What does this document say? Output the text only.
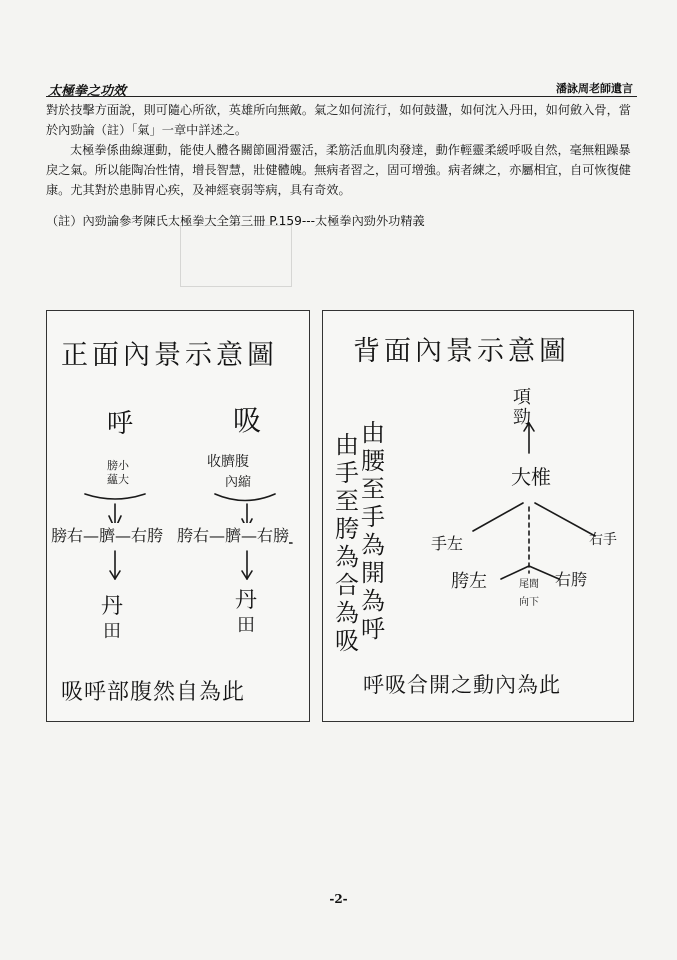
​
太極拳之功效	潘詠周老師遺言

對於技擊方面說，則可隨心所欲，英雄所向無敵。氣之如何流行，如何鼓盪，如何沈入丹田，如何斂入骨，當於內勁論（註）「氣」一章中詳述之。

太極拳係曲線運動，能使人體各關節圓滑靈活，柔筋活血肌肉發達，動作輕靈柔緩呼吸自然，毫無粗躁暴戾之氣。所以能陶冶性情，增長智慧，壯健體魄。無病者習之，固可增強。病者練之，亦屬相宜，自可恢復健康。尤其對於患肺胃心疾，及神經衰弱等病，具有奇效。

（註）內勁論參考陳氏太極拳大全第三冊 P.159---太極拳內勁外功精義
正面內景示意圖
呼	吸
膀小
蘊大
收臍腹
內縮
膀右—臍—右胯 胯右—臍—右膀
丹
田
丹
田
吸呼部腹然自為此
背面內景示意圖
項
勁
由手至胯為合為吸
由腰至手為開為呼
大椎
手左	右手
胯左	右胯
尾閭
向下
呼吸合開之動內為此
-2-
